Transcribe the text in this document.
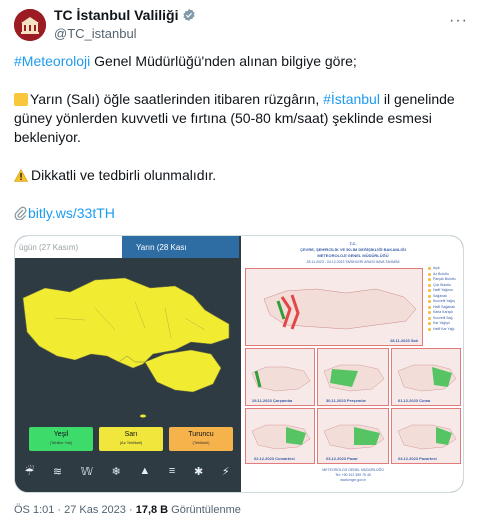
TC İstanbul Valiliği
@TC_istanbul
···

#Meteoroloji Genel Müdürlüğü'nden alınan bilgiye göre;

Yarın (Salı) öğle saatlerinden itibaren rüzgârın, #İstanbul il genelinde güney yönlerden kuvvetli ve fırtına (50-80 km/saat) şeklinde esmesi bekleniyor.

Dikkatli ve tedbirli olunmalıdır.

bitly.ws/33tTH

ügün (27 Kasım)	Yarın (28 Kası
Yeşil
(Tehlike Yok)
Sarı
(Az Tehlikeli)
Turuncu
(Tehlikeli)
☔ ≋ 𝕎 ❄ ▲ ≡ ✱ ⚡
T.C.
ÇEVRE, ŞEHİRCİLİK VE İKLİM DEĞİŞİKLİĞİ BAKANLIĞI
METEOROLOJİ GENEL MÜDÜRLÜĞÜ
28.11.2023 - 04.12.2023 TARİHLERİ ARASI HAVA TAHMİNİ
28.11.2023 Salı
Açık
Az Bulutlu
Parçalı Bulutlu
Çok Bulutlu
Hafif Yağmur
Sağanak
Kuvvetli Yağış
Hafif Sağanak
Karla Karışık
Kuvvetli Sağ.
Kar Yağışlı
Hafif Kar Yağı
29.11.2023 Çarşamba	30.11.2023 Perşembe	01.12.2023 Cuma
02.12.2023 Cumartesi	03.12.2023 Pazar	04.12.2023 Pazartesi
METEOROLOJİ GENEL MÜDÜRLÜĞÜ
Tel: +90 312 359 75 45
www.mgm.gov.tr
ÖS 1:01 · 27 Kas 2023 · 17,8 B Görüntülenme
